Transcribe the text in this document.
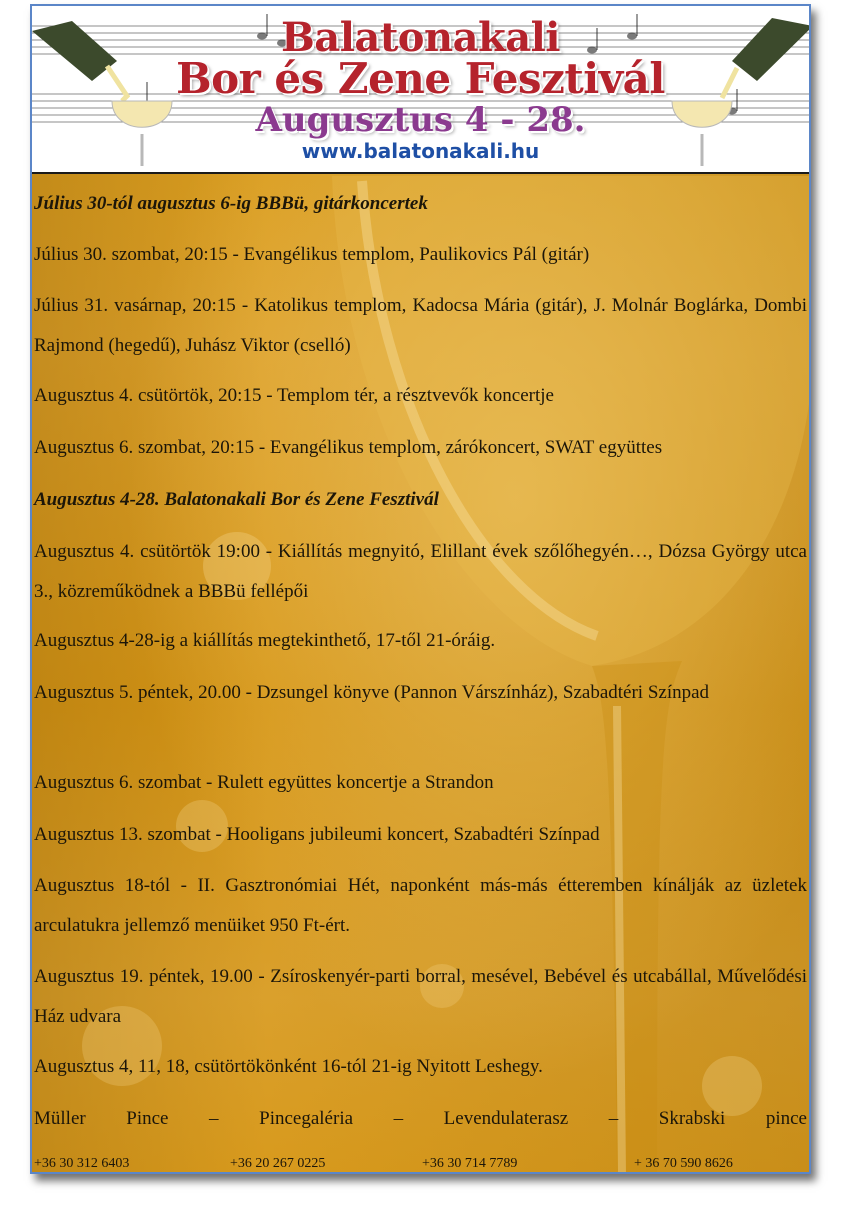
Balatonakali
Bor és Zene Fesztivál
Augusztus 4 - 28.
www.balatonakali.hu

Július 30-tól augusztus 6-ig BBBü, gitárkoncertek

Július 30. szombat, 20:15 - Evangélikus templom, Paulikovics Pál (gitár)

Július 31. vasárnap, 20:15 - Katolikus templom, Kadocsa Mária (gitár), J. Molnár Boglárka, Dombi Rajmond (hegedű), Juhász Viktor (cselló)

Augusztus 4. csütörtök, 20:15 - Templom tér, a résztvevők koncertje

Augusztus 6. szombat, 20:15 - Evangélikus templom, zárókoncert, SWAT együttes

Augusztus 4-28. Balatonakali Bor és Zene Fesztivál

Augusztus 4. csütörtök 19:00 - Kiállítás megnyitó, Elillant évek szőlőhegyén…, Dózsa György utca 3., közreműködnek a BBBü fellépői

Augusztus 4-28-ig a kiállítás megtekinthető, 17-től 21-óráig.

Augusztus 5. péntek, 20.00 - Dzsungel könyve (Pannon Várszínház), Szabadtéri Színpad

Augusztus 6. szombat - Rulett együttes koncertje a Strandon

Augusztus 13. szombat - Hooligans jubileumi koncert, Szabadtéri Színpad

Augusztus 18-tól - II. Gasztronómiai Hét, naponként más-más étteremben kínálják az üzletek arculatukra jellemző menüiket 950 Ft-ért.

Augusztus 19. péntek, 19.00 - Zsíroskenyér-parti borral, mesével, Bebével és utcabállal, Művelődési Ház udvara

Augusztus 4, 11, 18, csütörtökönként 16-tól 21-ig Nyitott Leshegy.

Müller Pince – Pincegaléria – Levendulaterasz – Skrabski pince

+36 30 312 6403	+36 20 267 0225	+36 30 714 7789	+ 36 70 590 8626
